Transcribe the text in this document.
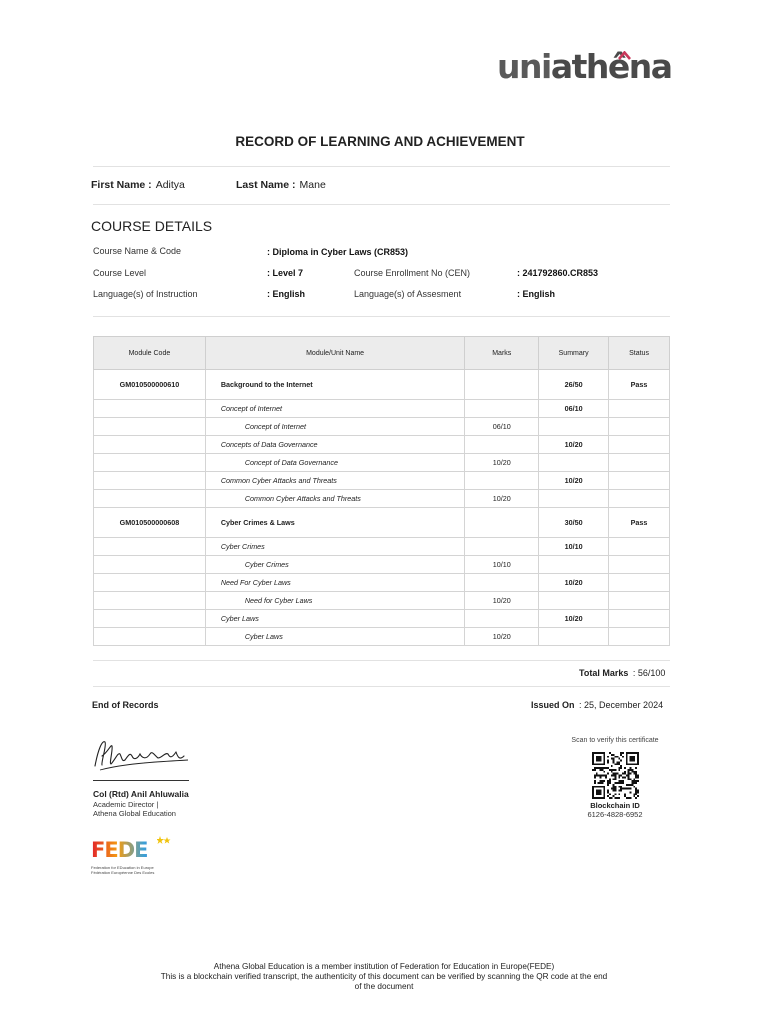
uniathêna
RECORD OF LEARNING AND ACHIEVEMENT
First Name : Aditya	Last Name : Mane
COURSE DETAILS
Course Name & Code	: Diploma in Cyber Laws (CR853)
Course Level	: Level 7	Course Enrollment No (CEN)	: 241792860.CR853
Language(s) of Instruction	: English	Language(s) of Assesment	: English
Module Code	Module/Unit Name	Marks	Summary	Status
GM010500000610	Background to the Internet		26/50	Pass
	Concept of Internet		06/10	
	Concept of Internet	06/10		
	Concepts of Data Governance		10/20	
	Concept of Data Governance	10/20		
	Common Cyber Attacks and Threats		10/20	
	Common Cyber Attacks and Threats	10/20		
GM010500000608	Cyber Crimes & Laws		30/50	Pass
	Cyber Crimes		10/10	
	Cyber Crimes	10/10		
	Need For Cyber Laws		10/20	
	Need for Cyber Laws	10/20		
	Cyber Laws		10/20	
	Cyber Laws	10/20		
Total Marks : 56/100
End of Records	Issued On : 25, December 2024
Col (Rtd) Anil Ahluwalia
Academic Director |
Athena Global Education
FEDE
Federation for EDucation in Europe
Fédération Européenne Des Ecoles
Scan to verify this certificate
Blockchain ID
6126-4828-6952
Athena Global Education is a member institution of Federation for Education in Europe(FEDE)
This is a blockchain verified transcript, the authenticity of this document can be verified by scanning the QR code at the end
of the document
